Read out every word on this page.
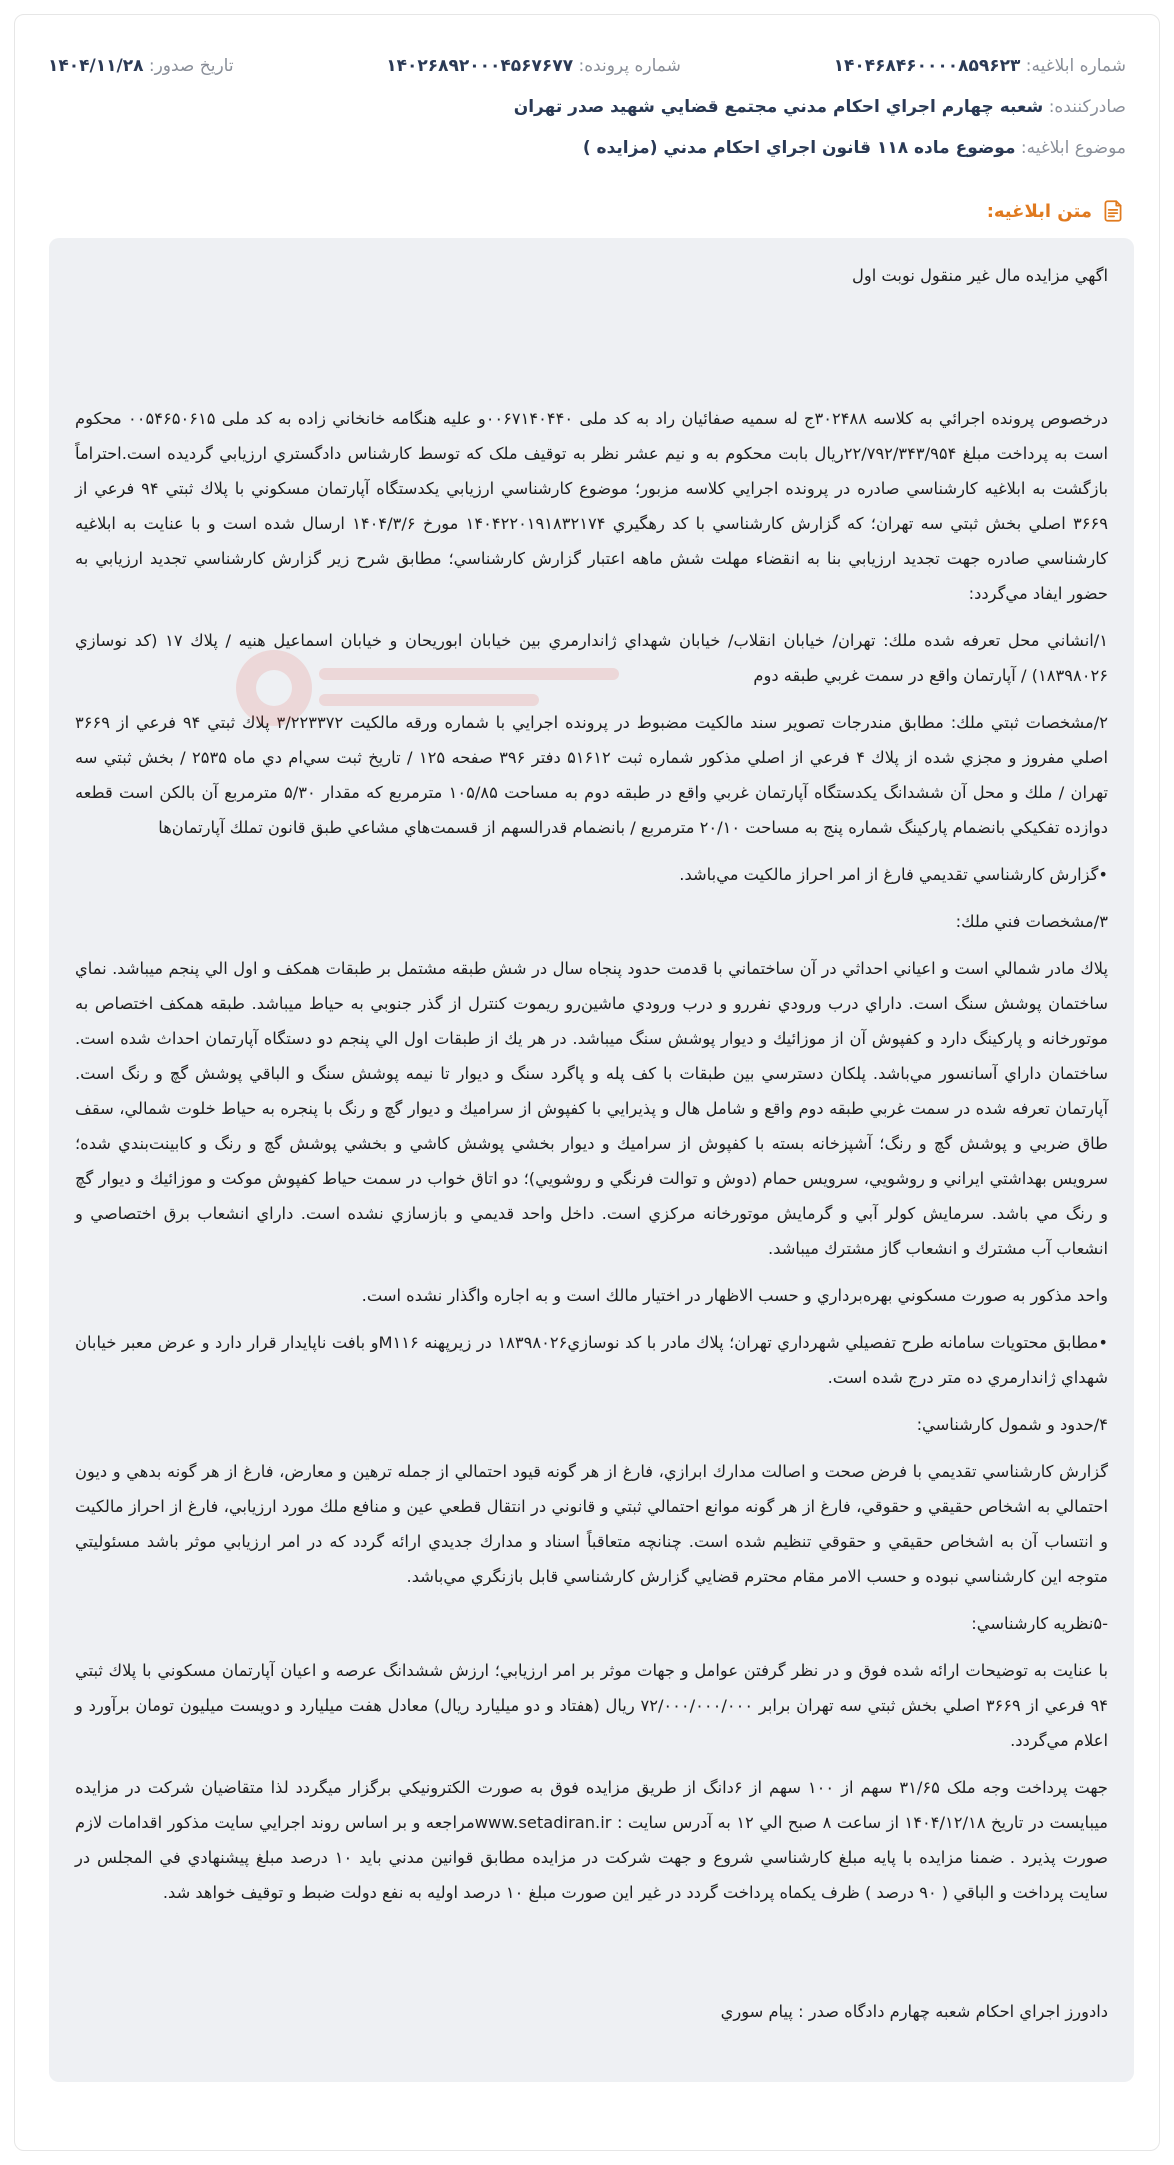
شماره ابلاغيه: ۱۴۰۴۶۸۴۶۰۰۰۰۸۵۹۶۲۳
شماره پرونده: ۱۴۰۲۶۸۹۲۰۰۰۴۵۶۷۶۷۷
تاريخ صدور: ۱۴۰۴/۱۱/۲۸
صادرکننده: شعبه چهارم اجراي احكام مدني مجتمع قضايي شهيد صدر تهران
موضوع ابلاغيه: موضوع ماده ۱۱۸ قانون اجراي احکام مدني (مزايده )
متن ابلاغيه:

اگهي مزايده مال غير منقول نوبت اول

درخصوص پرونده اجرائي به كلاسه ۳۰۲۴۸۸ج له سميه صفائيان راد به كد ملی ۰۰۶۷۱۴۰۴۴۰و عليه هنگامه خانخاني زاده به کد ملی ۰۰۵۴۶۵۰۶۱۵ محكوم است به پرداخت مبلغ ۲۲/۷۹۲/۳۴۳/۹۵۴ريال بابت محکوم به و نيم عشر نظر به توقيف ملک که توسط کارشناس دادگستري ارزيابي گرديده است.احتراماً بازگشت به ابلاغيه كارشناسي صادره در پرونده اجرايي كلاسه مزبور؛ موضوع كارشناسي ارزيابي يكدستگاه آپارتمان مسكوني با پلاك ثبتي ۹۴ فرعي از ۳۶۶۹ اصلي بخش ثبتي سه تهران؛ كه گزارش كارشناسي با كد رهگيري ۱۴۰۴۲۲۰۱۹۱۸۳۲۱۷۴ مورخ ۱۴۰۴/۳/۶ ارسال شده است و با عنايت به ابلاغيه كارشناسي صادره جهت تجديد ارزيابي بنا به انقضاء مهلت شش ماهه اعتبار گزارش كارشناسي؛ مطابق شرح زير گزارش كارشناسي تجديد ارزيابي به حضور ايفاد مي‌گردد:

۱/انشاني محل تعرفه شده ملك: تهران/ خيابان انقلاب/ خيابان شهداي ژاندارمري بين خيابان ابوريحان و خيابان اسماعيل هنيه / پلاك ۱۷ (كد نوسازي ۱۸۳۹۸۰۲۶) / آپارتمان واقع در سمت غربي طبقه دوم

۲/مشخصات ثبتي ملك: مطابق مندرجات تصوير سند مالكيت مضبوط در پرونده اجرايي با شماره ورقه مالكيت ۳/۲۲۳۳۷۲ پلاك ثبتي ۹۴ فرعي از ۳۶۶۹ اصلي مفروز و مجزي شده از پلاك ۴ فرعي از اصلي مذكور شماره ثبت ۵۱۶۱۲ دفتر ۳۹۶ صفحه ۱۲۵ / تاريخ ثبت سي‌ام دي ماه ۲۵۳۵ / بخش ثبتي سه تهران / ملك و محل آن ششدانگ يكدستگاه آپارتمان غربي واقع در طبقه دوم به مساحت ۱۰۵/۸۵ مترمربع كه مقدار ۵/۳۰ مترمربع آن بالكن است قطعه دوازده تفكيكي بانضمام پاركينگ شماره پنج به مساحت ۲۰/۱۰ مترمربع / بانضمام قدرالسهم از قسمت‌هاي مشاعي طبق قانون تملك آپارتمان‌ها

•گزارش كارشناسي تقديمي فارغ از امر احراز مالكيت مي‌باشد.

۳/مشخصات فني ملك:

پلاك مادر شمالي است و اعياني احداثي در آن ساختماني با قدمت حدود پنجاه سال در شش طبقه مشتمل بر طبقات همكف و اول الي پنجم ميباشد. نماي ساختمان پوشش سنگ است. داراي درب ورودي نفررو و درب ورودي ماشين‌رو ريموت كنترل از گذر جنوبي به حياط ميباشد. طبقه همكف اختصاص به موتورخانه و پاركينگ دارد و كفپوش آن از موزائيك و ديوار پوشش سنگ ميباشد. در هر يك از طبقات اول الي پنجم دو دستگاه آپارتمان احداث شده است. ساختمان داراي آسانسور مي‌باشد. پلكان دسترسي بين طبقات با كف پله و پاگرد سنگ و ديوار تا نيمه پوشش سنگ و الباقي پوشش گچ و رنگ است. آپارتمان تعرفه شده در سمت غربي طبقه دوم واقع و شامل هال و پذيرايي با كفپوش از سراميك و ديوار گچ و رنگ با پنجره به حياط خلوت شمالي، سقف طاق ضربي و پوشش گچ و رنگ؛ آشپزخانه بسته با كفپوش از سراميك و ديوار بخشي پوشش كاشي و بخشي پوشش گچ و رنگ و كابينت‌بندي شده؛ سرويس بهداشتي ايراني و روشويي، سرويس حمام (دوش و توالت فرنگي و روشويي)؛ دو اتاق خواب در سمت حياط كفپوش موكت و موزائيك و ديوار گچ و رنگ مي باشد. سرمايش كولر آبي و گرمايش موتورخانه مركزي است. داخل واحد قديمي و بازسازي نشده است. داراي انشعاب برق اختصاصي و انشعاب آب مشترك و انشعاب گاز مشترك ميباشد.

واحد مذكور به صورت مسكوني بهره‌برداري و حسب الاظهار در اختيار مالك است و به اجاره واگذار نشده است.

•مطابق محتويات سامانه طرح تفصيلي شهرداري تهران؛ پلاك مادر با كد نوسازي۱۸۳۹۸۰۲۶ در زيرپهنه M۱۱۶و بافت ناپايدار قرار دارد و عرض معبر خيابان شهداي ژاندارمري ده متر درج شده است.

۴/حدود و شمول كارشناسي:

گزارش كارشناسي تقديمي با فرض صحت و اصالت مدارك ابرازي، فارغ از هر گونه قيود احتمالي از جمله ترهين و معارض، فارغ از هر گونه بدهي و ديون احتمالي به اشخاص حقيقي و حقوقي، فارغ از هر گونه موانع احتمالي ثبتي و قانوني در انتقال قطعي عين و منافع ملك مورد ارزيابي، فارغ از احراز مالكيت و انتساب آن به اشخاص حقيقي و حقوقي تنظيم شده است. چنانچه متعاقباً اسناد و مدارك جديدي ارائه گردد كه در امر ارزيابي موثر باشد مسئوليتي متوجه اين كارشناسي نبوده و حسب الامر مقام محترم قضايي گزارش كارشناسي قابل بازنگري مي‌باشد.

-۵نظريه كارشناسي:

با عنايت به توضيحات ارائه شده فوق و در نظر گرفتن عوامل و جهات موثر بر امر ارزيابي؛ ارزش ششدانگ عرصه و اعيان آپارتمان مسكوني با پلاك ثبتي ۹۴ فرعي از ۳۶۶۹ اصلي بخش ثبتي سه تهران برابر ۷۲/۰۰۰/۰۰۰/۰۰۰ ريال (هفتاد و دو ميليارد ريال) معادل هفت ميليارد و دويست ميليون تومان برآورد و اعلام مي‌گردد.

جهت پرداخت وجه ملک ۳۱/۶۵ سهم از ۱۰۰ سهم از ۶دانگ از طريق مزايده فوق به صورت الکترونيکي برگزار ميگردد لذا متقاضيان شرکت در مزايده ميبايست در تاريخ ۱۴۰۴/۱۲/۱۸ از ساعت ۸ صبح الي ۱۲ به آدرس سايت : www.setadiran.irمراجعه و بر اساس روند اجرايي سايت مذکور اقدامات لازم صورت پذيرد . ضمنا مزايده با پايه مبلغ کارشناسي شروع و جهت شرکت در مزايده مطابق قوانين مدني بايد ۱۰ درصد مبلغ پيشنهادي في المجلس در سايت پرداخت و الباقي ( ۹۰ درصد ) ظرف يکماه پرداخت گردد در غير اين صورت مبلغ ۱۰ درصد اوليه به نفع دولت ضبط و توقيف خواهد شد.

دادورز اجراي احکام شعبه چهارم دادگاه صدر : پيام سوري
